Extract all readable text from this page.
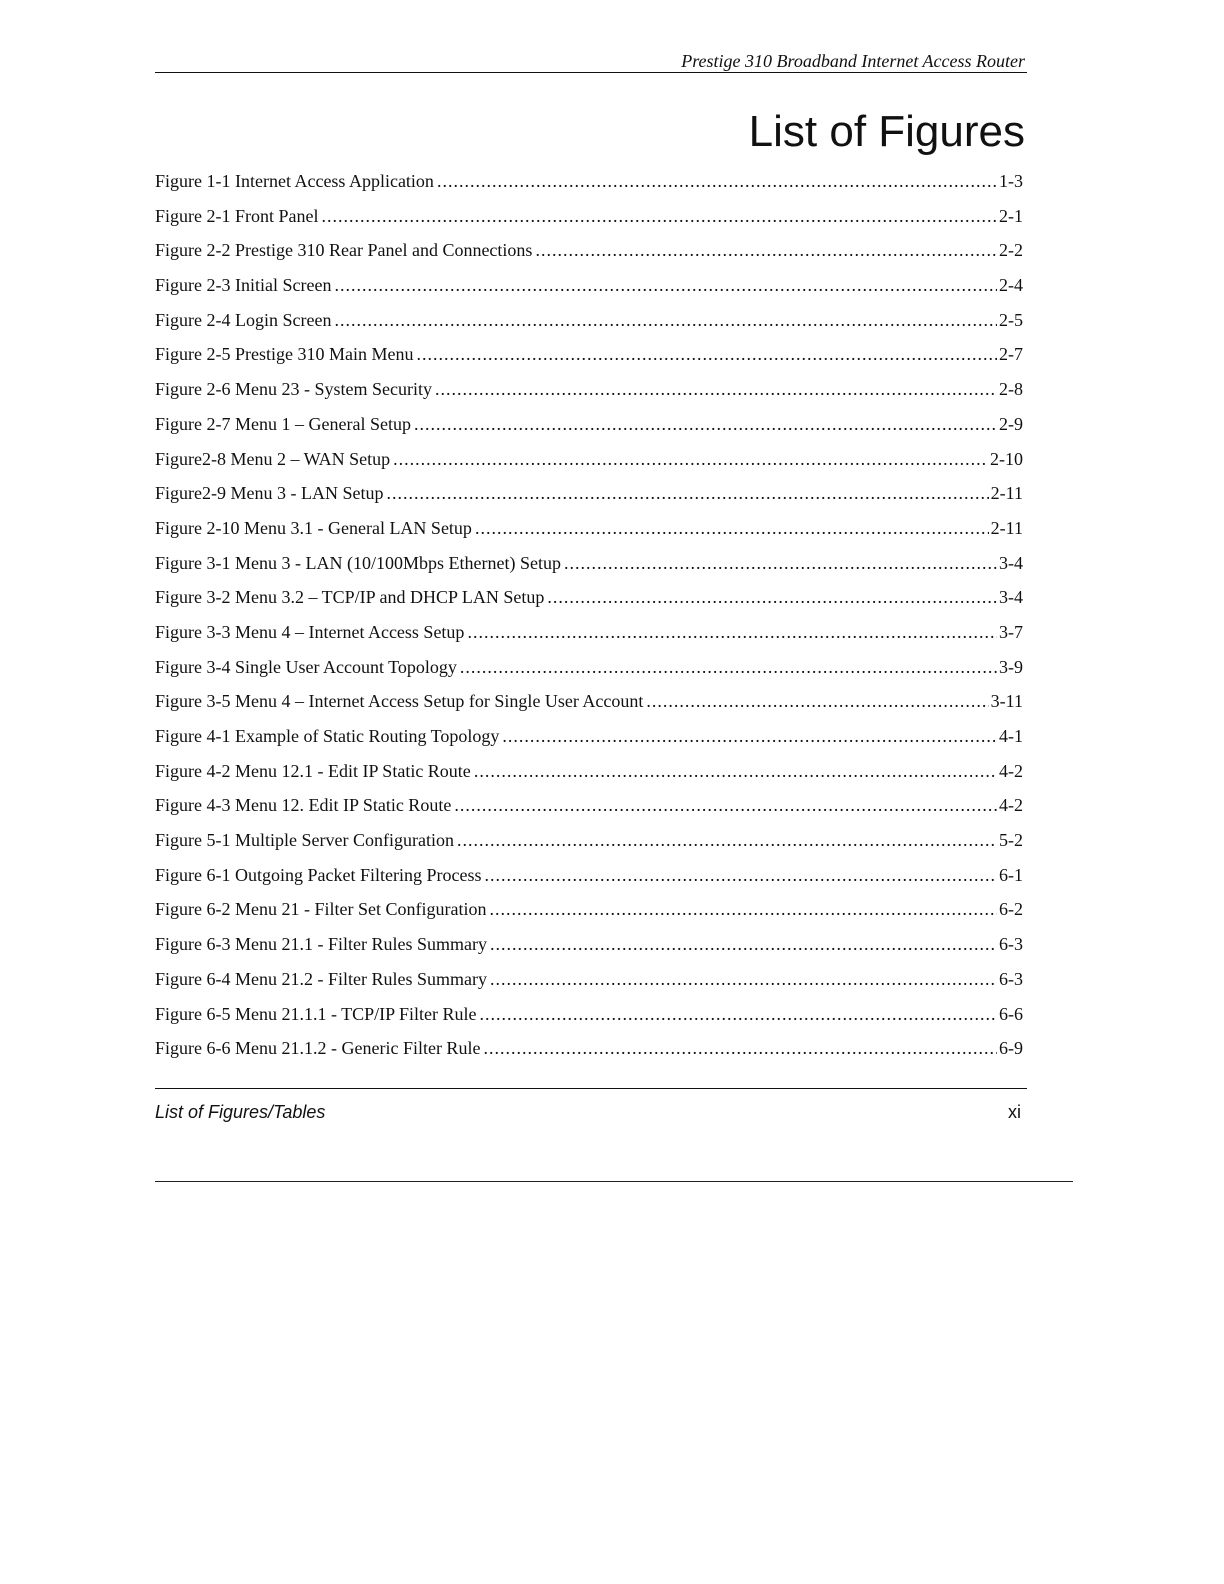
Prestige 310 Broadband Internet Access Router
List of Figures
Figure 1-1 Internet Access Application .....	1-3
Figure 2-1 Front Panel .....	2-1
Figure 2-2 Prestige 310 Rear Panel and Connections .....	2-2
Figure 2-3 Initial Screen .....	2-4
Figure 2-4 Login Screen .....	2-5
Figure 2-5 Prestige 310 Main Menu .....	2-7
Figure 2-6 Menu 23 - System Security .....	2-8
Figure 2-7 Menu 1 – General Setup .....	2-9
Figure2-8 Menu 2 – WAN Setup .....	2-10
Figure2-9 Menu 3 - LAN Setup .....	2-11
Figure 2-10 Menu 3.1 - General LAN Setup .....	2-11
Figure 3-1 Menu 3 - LAN (10/100Mbps Ethernet) Setup .....	3-4
Figure 3-2 Menu 3.2 – TCP/IP and DHCP LAN Setup .....	3-4
Figure 3-3 Menu 4 – Internet Access Setup .....	3-7
Figure 3-4 Single User Account Topology .....	3-9
Figure 3-5 Menu 4 – Internet Access Setup for Single User Account .....	3-11
Figure 4-1 Example of Static Routing Topology .....	4-1
Figure 4-2 Menu 12.1 - Edit IP Static Route .....	4-2
Figure 4-3 Menu 12. Edit IP Static Route .....	4-2
Figure 5-1 Multiple Server Configuration .....	5-2
Figure 6-1 Outgoing Packet Filtering Process .....	6-1
Figure 6-2 Menu 21 - Filter Set Configuration .....	6-2
Figure 6-3 Menu 21.1 - Filter Rules Summary .....	6-3
Figure 6-4 Menu 21.2 - Filter Rules Summary .....	6-3
Figure 6-5 Menu 21.1.1 - TCP/IP Filter Rule .....	6-6
Figure 6-6 Menu 21.1.2 - Generic Filter Rule .....	6-9
List of Figures/Tables	xi
